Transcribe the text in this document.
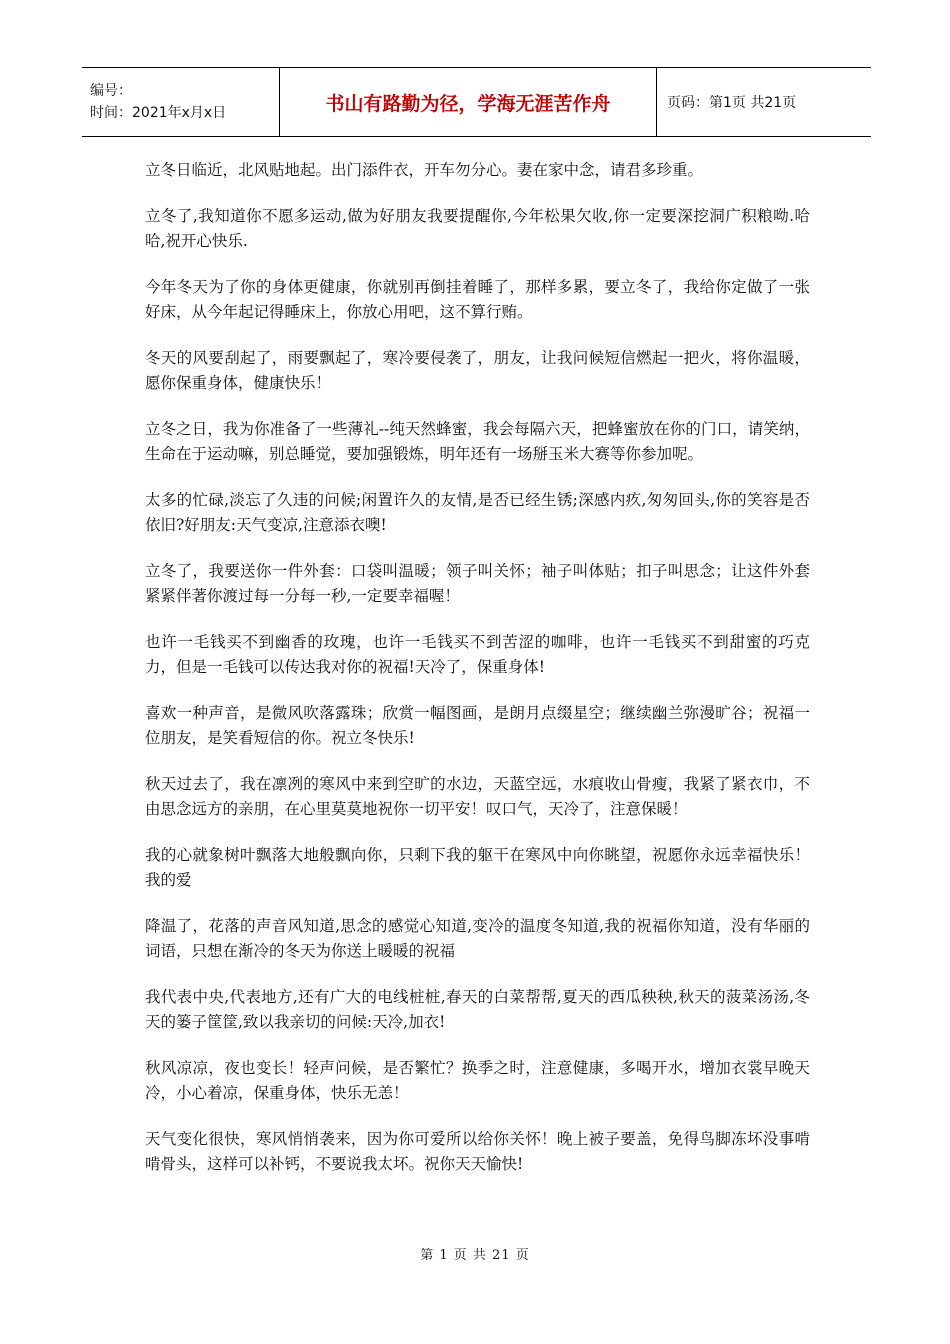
编号：
时间：2021年x月x日	书山有路勤为径，学海无涯苦作舟	页码：第1页 共21页

立冬日临近，北风贴地起。出门添件衣，开车勿分心。妻在家中念，请君多珍重。

立冬了,我知道你不愿多运动,做为好朋友我要提醒你,今年松果欠收,你一定要深挖洞广积粮呦.哈哈,祝开心快乐.

今年冬天为了你的身体更健康，你就别再倒挂着睡了，那样多累，要立冬了，我给你定做了一张好床，从今年起记得睡床上，你放心用吧，这不算行贿。

冬天的风要刮起了，雨要飘起了，寒冷要侵袭了，朋友，让我问候短信燃起一把火，将你温暖，愿你保重身体，健康快乐！

立冬之日，我为你准备了一些薄礼--纯天然蜂蜜，我会每隔六天，把蜂蜜放在你的门口，请笑纳，生命在于运动嘛，别总睡觉，要加强锻炼，明年还有一场掰玉米大赛等你参加呢。

太多的忙碌,淡忘了久违的问候;闲置许久的友情,是否已经生锈;深感内疚,匆匆回头,你的笑容是否依旧?好朋友:天气变凉,注意添衣噢!

立冬了，我要送你一件外套：口袋叫温暖；领子叫关怀；袖子叫体贴；扣子叫思念；让这件外套紧紧伴著你渡过每一分每一秒,一定要幸福喔！

也许一毛钱买不到幽香的玫瑰，也许一毛钱买不到苦涩的咖啡，也许一毛钱买不到甜蜜的巧克力，但是一毛钱可以传达我对你的祝福!天冷了，保重身体!

喜欢一种声音，是微风吹落露珠；欣赏一幅图画，是朗月点缀星空；继续幽兰弥漫旷谷；祝福一位朋友，是笑看短信的你。祝立冬快乐!

秋天过去了，我在凛冽的寒风中来到空旷的水边，天蓝空远，水痕收山骨瘦，我紧了紧衣巾，不由思念远方的亲朋，在心里莫莫地祝你一切平安！叹口气，天冷了，注意保暖！

我的心就象树叶飘落大地般飘向你，只剩下我的躯干在寒风中向你眺望，祝愿你永远幸福快乐！我的爱

降温了，花落的声音风知道,思念的感觉心知道,变冷的温度冬知道,我的祝福你知道，没有华丽的词语，只想在渐冷的冬天为你送上暖暖的祝福

我代表中央,代表地方,还有广大的电线桩桩,春天的白菜帮帮,夏天的西瓜秧秧,秋天的菠菜汤汤,冬天的篓子筐筐,致以我亲切的问候:天冷,加衣!

秋风凉凉，夜也变长！轻声问候，是否繁忙？换季之时，注意健康，多喝开水，增加衣裳早晚天冷，小心着凉，保重身体，快乐无恙！

天气变化很快，寒风悄悄袭来，因为你可爱所以给你关怀！晚上被子要盖，免得鸟脚冻坏没事啃啃骨头，这样可以补钙，不要说我太坏。祝你天天愉快!

第 1 页 共 21 页
